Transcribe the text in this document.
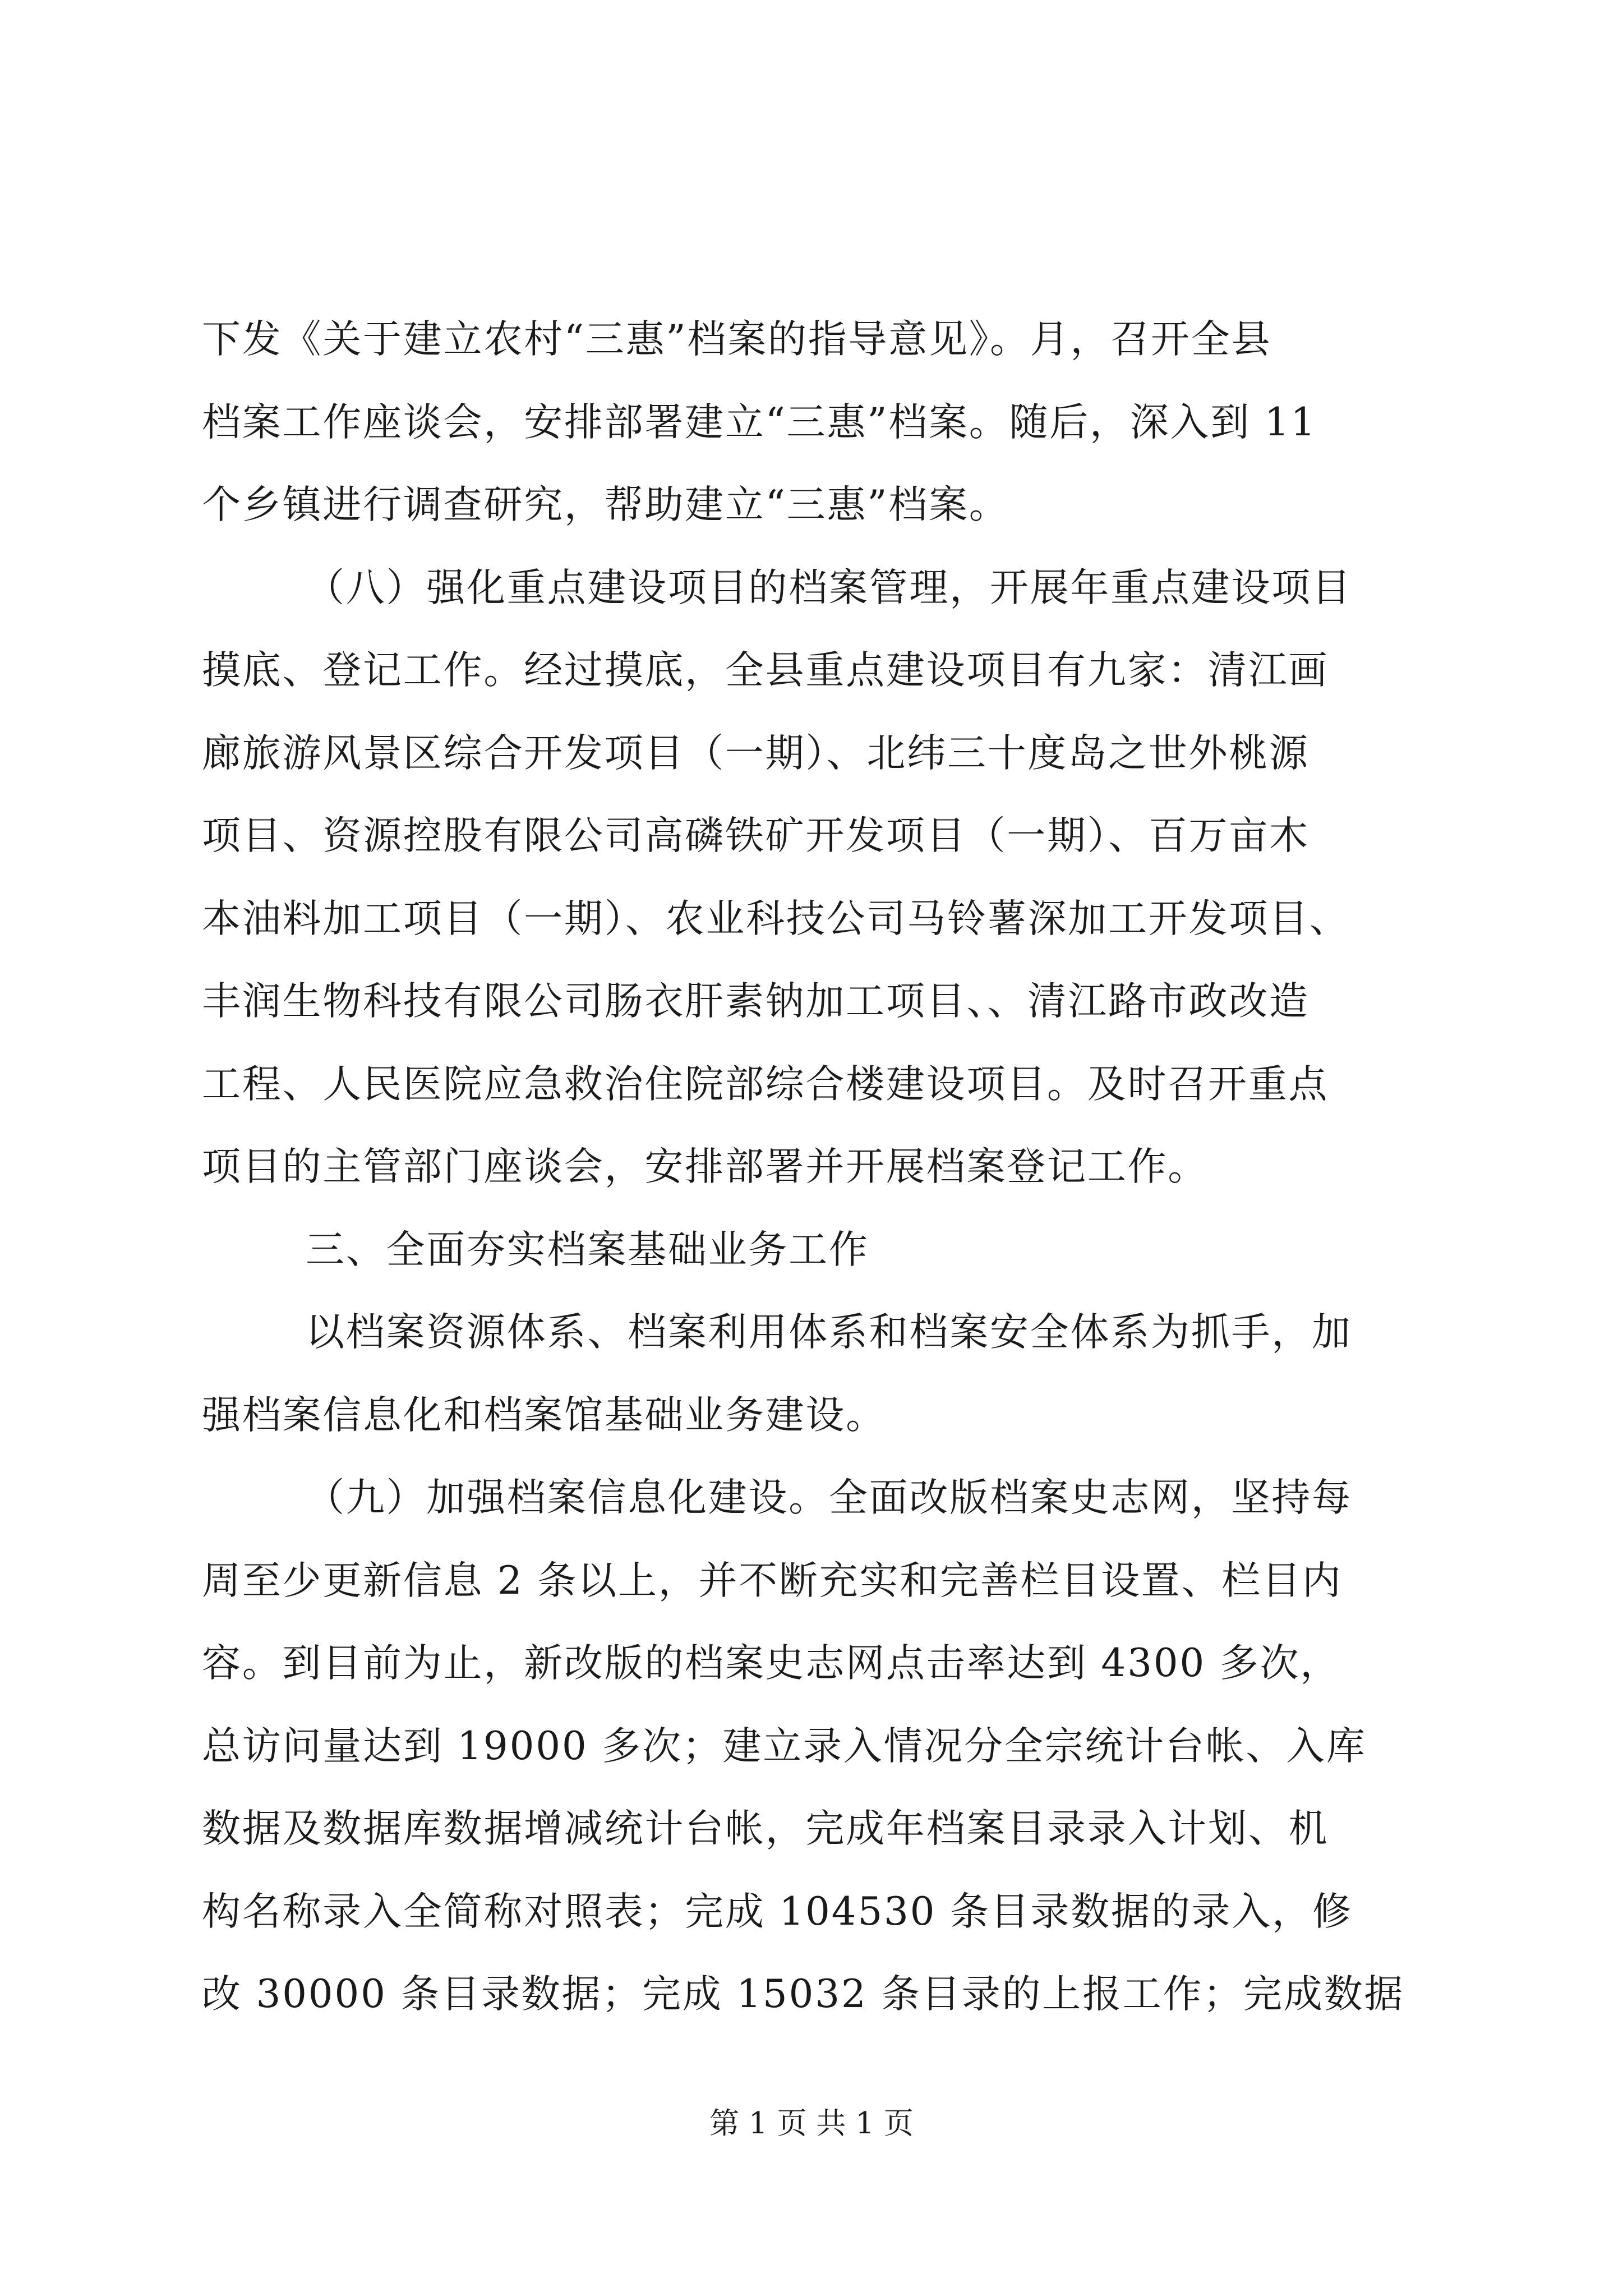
下发《关于建立农村“三惠”档案的指导意见》。月，召开全县
档案工作座谈会，安排部署建立“三惠”档案。随后，深入到 11
个乡镇进行调查研究，帮助建立“三惠”档案。
（八）强化重点建设项目的档案管理，开展年重点建设项目
摸底、登记工作。经过摸底，全县重点建设项目有九家：清江画
廊旅游风景区综合开发项目（一期）、北纬三十度岛之世外桃源
项目、资源控股有限公司高磷铁矿开发项目（一期）、百万亩木
本油料加工项目（一期）、农业科技公司马铃薯深加工开发项目、
丰润生物科技有限公司肠衣肝素钠加工项目、、清江路市政改造
工程、人民医院应急救治住院部综合楼建设项目。及时召开重点
项目的主管部门座谈会，安排部署并开展档案登记工作。
三、全面夯实档案基础业务工作
以档案资源体系、档案利用体系和档案安全体系为抓手，加
强档案信息化和档案馆基础业务建设。
（九）加强档案信息化建设。全面改版档案史志网，坚持每
周至少更新信息 2 条以上，并不断充实和完善栏目设置、栏目内
容。到目前为止，新改版的档案史志网点击率达到 4300 多次，
总访问量达到 19000 多次；建立录入情况分全宗统计台帐、入库
数据及数据库数据增减统计台帐，完成年档案目录录入计划、机
构名称录入全简称对照表；完成 104530 条目录数据的录入，修
改 30000 条目录数据；完成 15032 条目录的上报工作；完成数据
第 1 页 共 1 页
